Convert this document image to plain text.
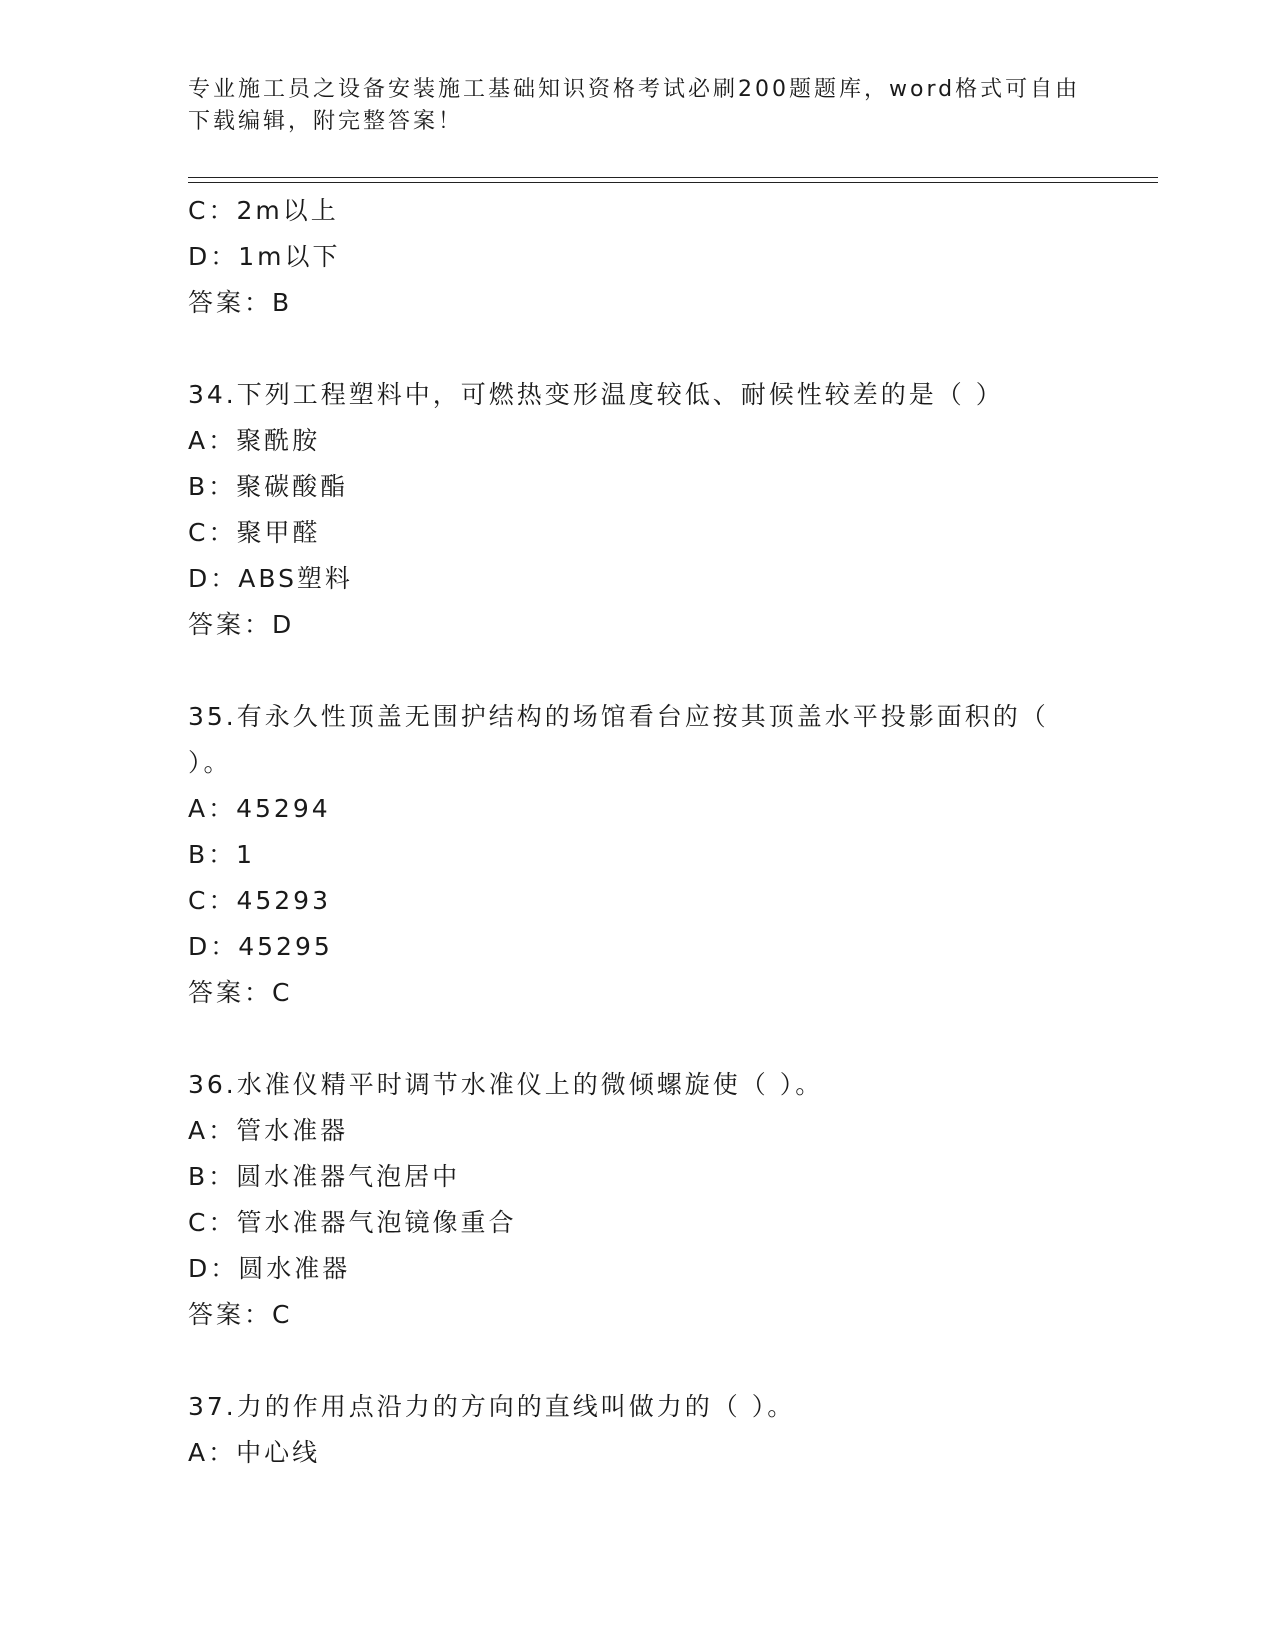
专业施工员之设备安装施工基础知识资格考试必刷200题题库，word格式可自由
下载编辑，附完整答案！
C：2m以上
D：1m以下
答案：B
34.下列工程塑料中，可燃热变形温度较低、耐候性较差的是（ ）
A：聚酰胺
B：聚碳酸酯
C：聚甲醛
D：ABS塑料
答案：D
35.有永久性顶盖无围护结构的场馆看台应按其顶盖水平投影面积的（
）。
A：45294
B：1
C：45293
D：45295
答案：C
36.水准仪精平时调节水准仪上的微倾螺旋使（ ）。
A：管水准器
B：圆水准器气泡居中
C：管水准器气泡镜像重合
D：圆水准器
答案：C
37.力的作用点沿力的方向的直线叫做力的（ ）。
A：中心线
